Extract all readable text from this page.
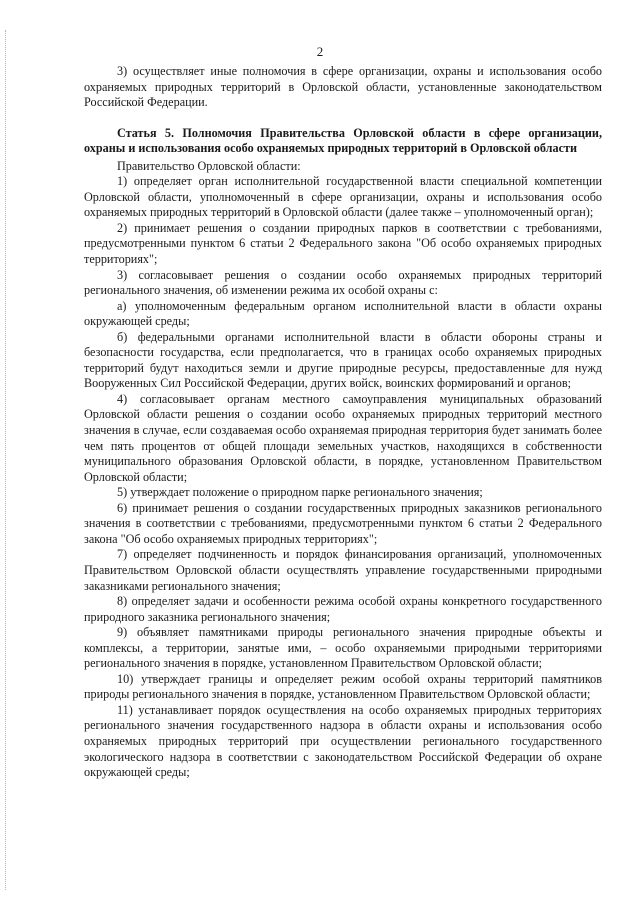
2

3) осуществляет иные полномочия в сфере организации, охраны и использования особо охраняемых природных территорий в Орловской области, установленные законодательством Российской Федерации.

Статья 5. Полномочия Правительства Орловской области в сфере организации, охраны и использования особо охраняемых природных территорий в Орловской области

Правительство Орловской области:

1) определяет орган исполнительной государственной власти специальной компетенции Орловской области, уполномоченный в сфере организации, охраны и использования особо охраняемых природных территорий в Орловской области (далее также – уполномоченный орган);

2) принимает решения о создании природных парков в соответствии с требованиями, предусмотренными пунктом 6 статьи 2 Федерального закона "Об особо охраняемых природных территориях";

3) согласовывает решения о создании особо охраняемых природных территорий регионального значения, об изменении режима их особой охраны с:

а) уполномоченным федеральным органом исполнительной власти в области охраны окружающей среды;

б) федеральными органами исполнительной власти в области обороны страны и безопасности государства, если предполагается, что в границах особо охраняемых природных территорий будут находиться земли и другие природные ресурсы, предоставленные для нужд Вооруженных Сил Российской Федерации, других войск, воинских формирований и органов;

4) согласовывает органам местного самоуправления муниципальных образований Орловской области решения о создании особо охраняемых природных территорий местного значения в случае, если создаваемая особо охраняемая природная территория будет занимать более чем пять процентов от общей площади земельных участков, находящихся в собственности муниципального образования Орловской области, в порядке, установленном Правительством Орловской области;

5) утверждает положение о природном парке регионального значения;

6) принимает решения о создании государственных природных заказников регионального значения в соответствии с требованиями, предусмотренными пунктом 6 статьи 2 Федерального закона "Об особо охраняемых природных территориях";

7) определяет подчиненность и порядок финансирования организаций, уполномоченных Правительством Орловской области осуществлять управление государственными природными заказниками регионального значения;

8) определяет задачи и особенности режима особой охраны конкретного государственного природного заказника регионального значения;

9) объявляет памятниками природы регионального значения природные объекты и комплексы, а территории, занятые ими, – особо охраняемыми природными территориями регионального значения в порядке, установленном Правительством Орловской области;

10) утверждает границы и определяет режим особой охраны территорий памятников природы регионального значения в порядке, установленном Правительством Орловской области;

11) устанавливает порядок осуществления на особо охраняемых природных территориях регионального значения государственного надзора в области охраны и использования особо охраняемых природных территорий при осуществлении регионального государственного экологического надзора в соответствии с законодательством Российской Федерации об охране окружающей среды;
